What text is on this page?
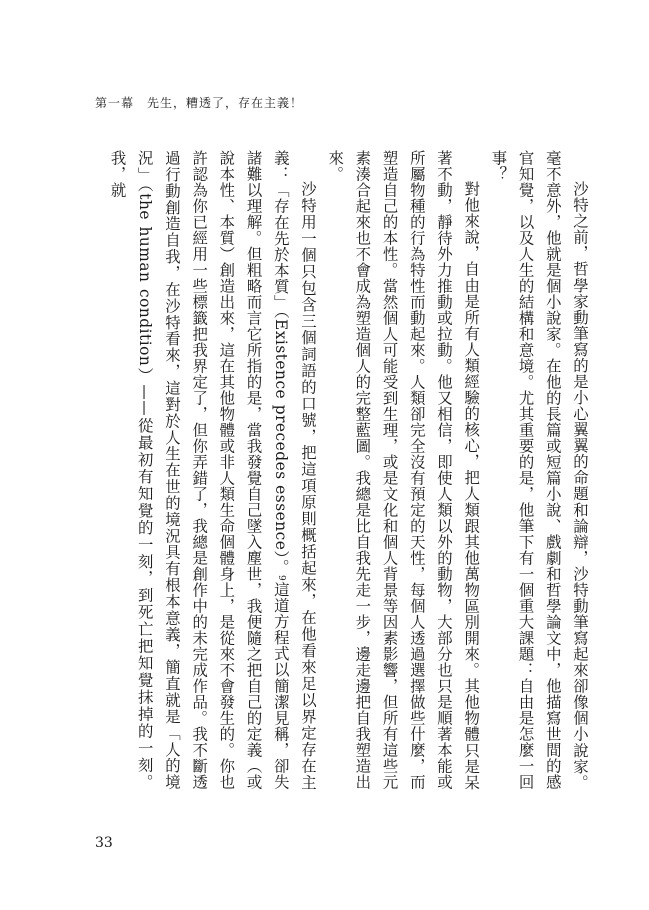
第一幕　先生，糟透了，存在主義！

沙特之前，哲學家動筆寫的是小心翼翼的命題和論辯，沙特動筆寫起來卻像個小說家。毫不意外，他就是個小說家。在他的長篇或短篇小說、戲劇和哲學論文中，他描寫世間的感官知覺，以及人生的結構和意境。尤其重要的是，他筆下有一個重大課題：自由是怎麼一回事？

對他來說，自由是所有人類經驗的核心，把人類跟其他萬物區別開來。其他物體只是呆著不動，靜待外力推動或拉動。他又相信，即使人類以外的動物，大部分也只是順著本能或所屬物種的行為特性而動起來。人類卻完全沒有預定的天性，每個人透過選擇做些什麼，而塑造自己的本性。當然個人可能受到生理，或是文化和個人背景等因素影響，但所有這些元素湊合起來也不會成為塑造個人的完整藍圖。我總是比自我先走一步，邊走邊把自我塑造出來。

沙特用一個只包含三個詞語的口號，把這項原則概括起來，在他看來足以界定存在主義：「存在先於本質」（Existence precedes essence）。9這道方程式以簡潔見稱，卻失諸難以理解。但粗略而言它所指的是，當我發覺自己墜入塵世，我便隨之把自己的定義（或說本性、本質）創造出來，這在其他物體或非人類生命個體身上，是從來不會發生的。你也許認為你已經用一些標籤把我界定了，但你弄錯了，我總是創作中的未完成作品。我不斷透過行動創造自我，在沙特看來，這對於人生在世的境況具有根本意義，簡直就是「人的境況」（the human condition）——從最初有知覺的一刻，到死亡把知覺抹掉的一刻。我，就

33
